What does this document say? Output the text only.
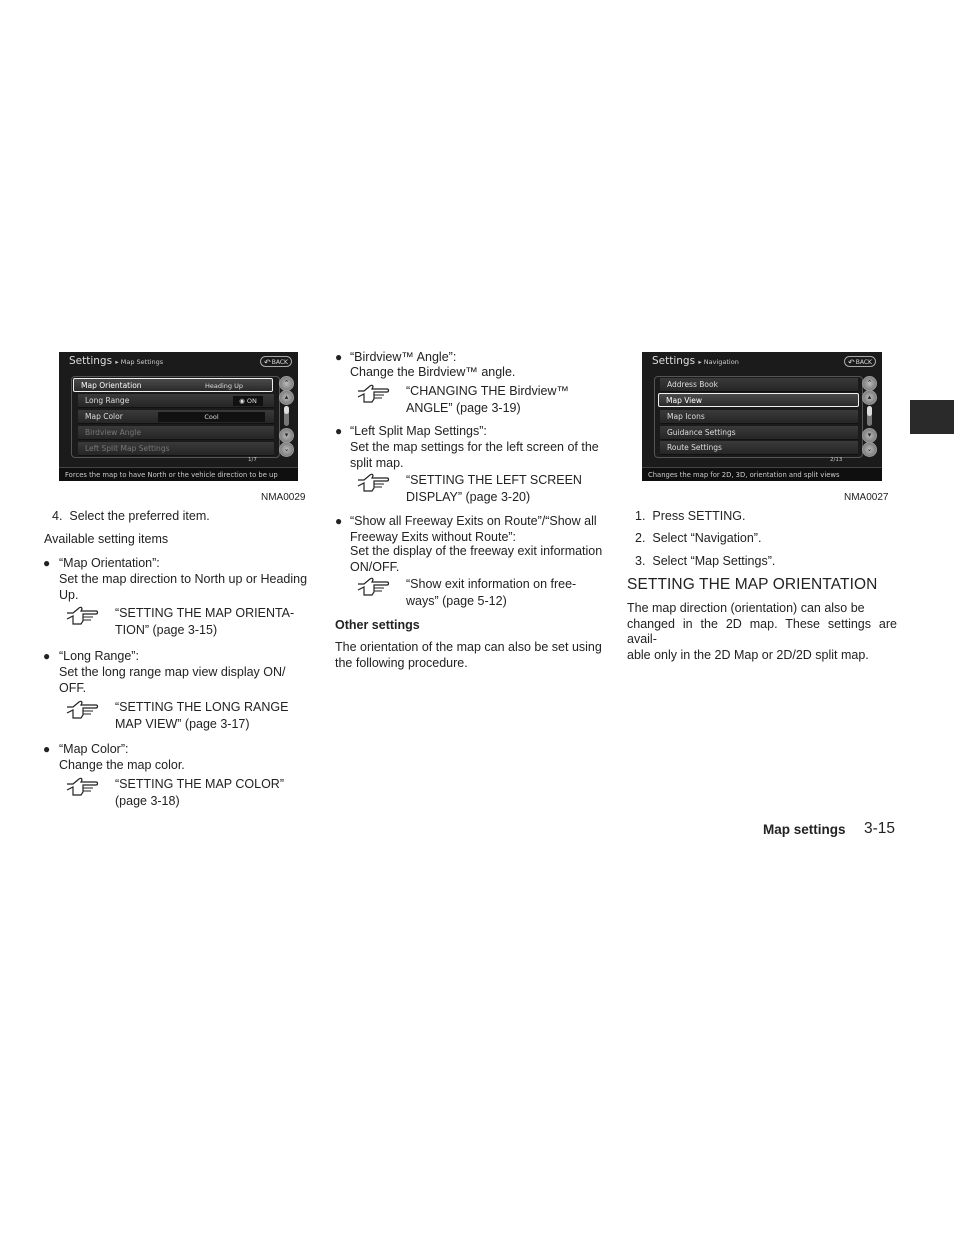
Settings ▸ Map Settings	↶ BACK
Map Orientation	Heading Up
Long Range	◉ ON
Map Color	Cool
Birdview Angle
Left Split Map Settings
1/7
⌃
▴
▾
⌄
Forces the map to have North or the vehicle direction to be up
NMA0029
Settings ▸ Navigation	↶ BACK
Address Book
Map View
Map Icons
Guidance Settings
Route Settings
2/13
⌃
▴
▾
⌄
Changes the map for 2D, 3D, orientation and split views
NMA0027
4.  Select the preferred item.
Available setting items
● “Map Orientation”:
Set the map direction to North up or Heading
Up.
“SETTING THE MAP ORIENTA-
TION” (page 3-15)
● “Long Range”:
Set the long range map view display ON/
OFF.
“SETTING THE LONG RANGE
MAP VIEW” (page 3-17)
● “Map Color”:
Change the map color.
“SETTING THE MAP COLOR”
(page 3-18)
● “Birdview™ Angle”:
Change the Birdview™ angle.
“CHANGING THE Birdview™
ANGLE” (page 3-19)
● “Left Split Map Settings”:
Set the map settings for the left screen of the
split map.
“SETTING THE LEFT SCREEN
DISPLAY” (page 3-20)
● “Show all Freeway Exits on Route”/“Show all
Freeway Exits without Route”:
Set the display of the freeway exit information
ON/OFF.
“Show exit information on free-
ways” (page 5-12)
Other settings
The orientation of the map can also be set using
the following procedure.
1.  Press SETTING.
2.  Select “Navigation”.
3.  Select “Map Settings”.
SETTING THE MAP ORIENTATION
The map direction (orientation) can also be
changed in the 2D map. These settings are avail-
able only in the 2D Map or 2D/2D split map.
Map settings 3-15
